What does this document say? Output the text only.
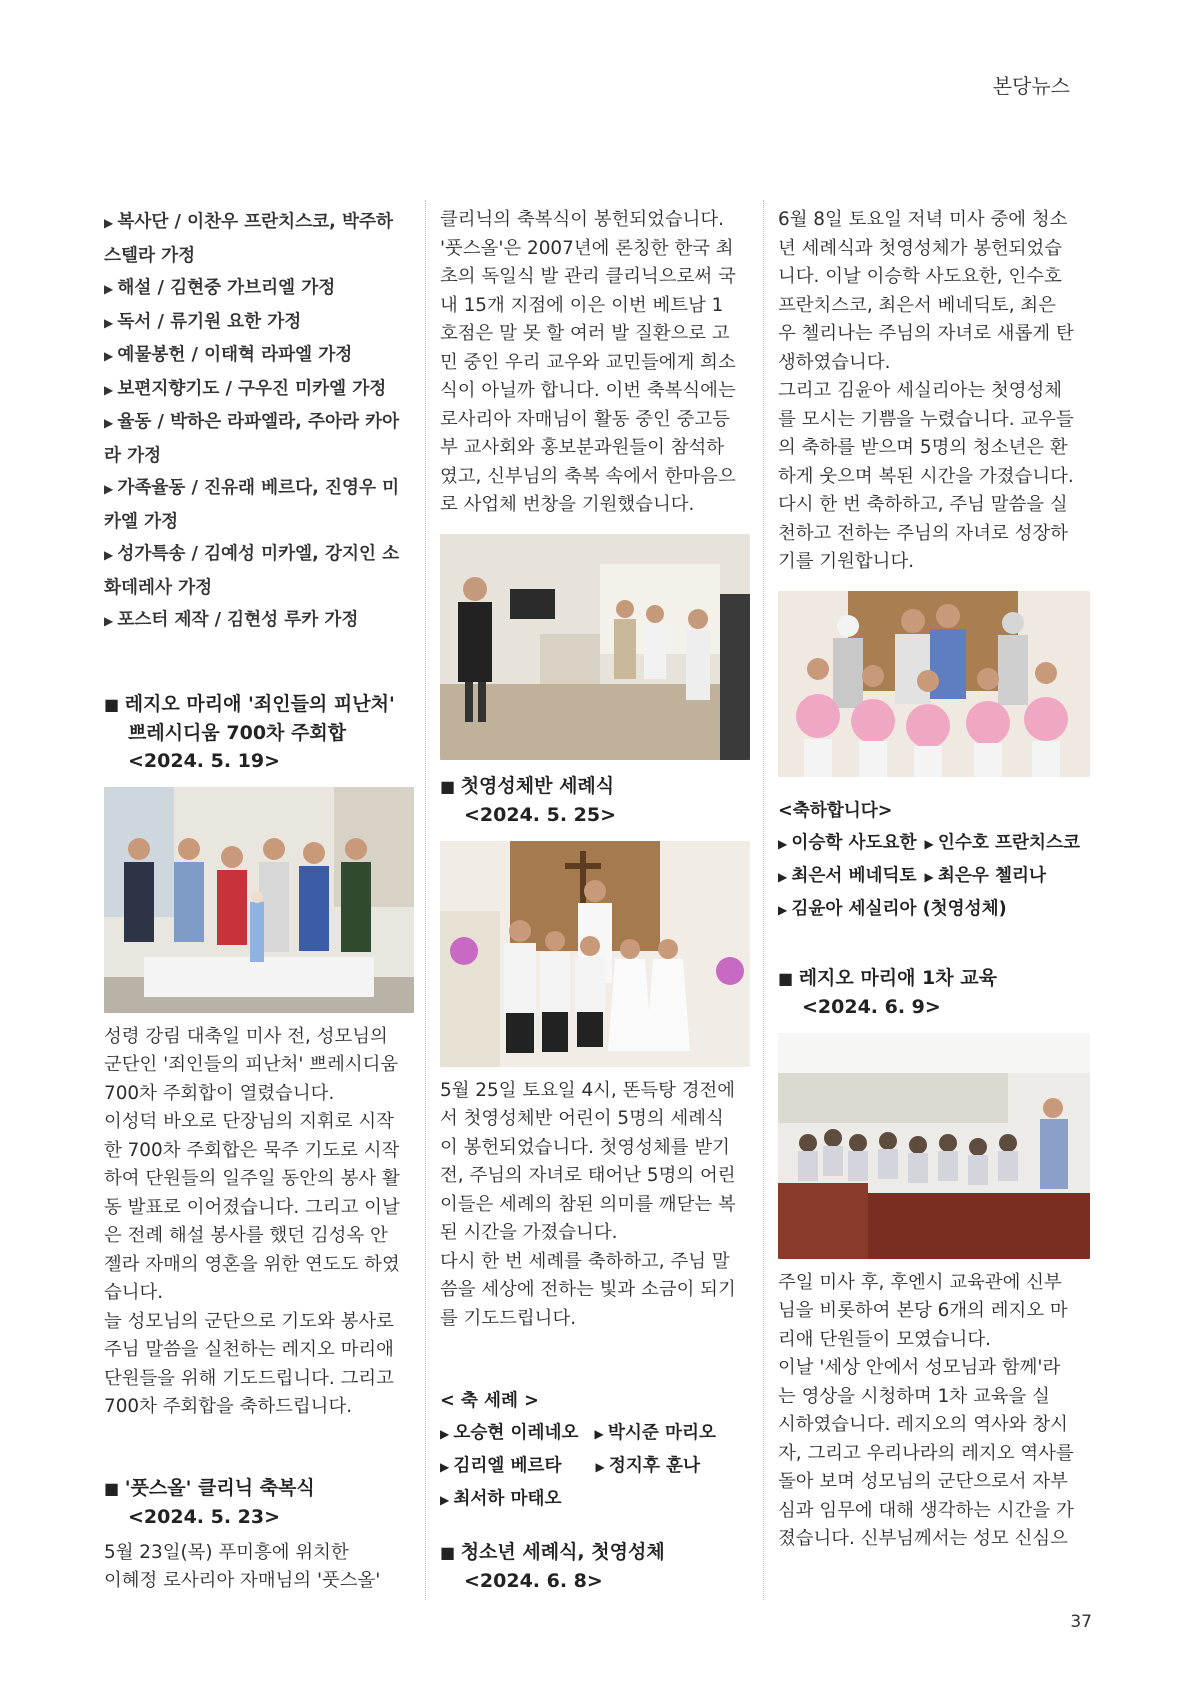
본당뉴스

▶ 복사단 / 이찬우 프란치스코, 박주하

스텔라 가정

▶ 해설 / 김현중 가브리엘 가정

▶ 독서 / 류기원 요한 가정

▶ 예물봉헌 / 이태혁 라파엘 가정

▶ 보편지향기도 / 구우진 미카엘 가정

▶ 율동 / 박하은 라파엘라, 주아라 카아

라 가정

▶ 가족율동 / 진유래 베르다, 진영우 미

카엘 가정

▶ 성가특송 / 김예성 미카엘, 강지인 소

화데레사 가정

▶ 포스터 제작 / 김현성 루카 가정

■ 레지오 마리애 '죄인들의 피난처'

쁘레시디움 700차 주회합

<2024. 5. 19>

성령 강림 대축일 미사 전, 성모님의

군단인 '죄인들의 피난처' 쁘레시디움

700차 주회합이 열렸습니다.

이성덕 바오로 단장님의 지휘로 시작

한 700차 주회합은 묵주 기도로 시작

하여 단원들의 일주일 동안의 봉사 활

동 발표로 이어졌습니다. 그리고 이날

은 전례 해설 봉사를 했던 김성옥 안

젤라 자매의 영혼을 위한 연도도 하였

습니다.

늘 성모님의 군단으로 기도와 봉사로

주님 말씀을 실천하는 레지오 마리애

단원들을 위해 기도드립니다. 그리고

700차 주회합을 축하드립니다.

■ '풋스올' 클리닉 축복식

<2024. 5. 23>

5월 23일(목) 푸미흥에 위치한

이혜정 로사리아 자매님의 '풋스올'

클리닉의 축복식이 봉헌되었습니다.

'풋스올'은 2007년에 론칭한 한국 최

초의 독일식 발 관리 클리닉으로써 국

내 15개 지점에 이은 이번 베트남 1

호점은 말 못 할 여러 발 질환으로 고

민 중인 우리 교우와 교민들에게 희소

식이 아닐까 합니다. 이번 축복식에는

로사리아 자매님이 활동 중인 중고등

부 교사회와 홍보분과원들이 참석하

였고, 신부님의 축복 속에서 한마음으

로 사업체 번창을 기원했습니다.

■ 첫영성체반 세례식

<2024. 5. 25>

5월 25일 토요일 4시, 똔득탕 경전에

서 첫영성체반 어린이 5명의 세례식

이 봉헌되었습니다. 첫영성체를 받기

전, 주님의 자녀로 태어난 5명의 어린

이들은 세례의 참된 의미를 깨닫는 복

된 시간을 가졌습니다.

다시 한 번 세례를 축하하고, 주님 말

씀을 세상에 전하는 빛과 소금이 되기

를 기도드립니다.

< 축 세례 >

▶ 오승현 이레네오 ▶ 박시준 마리오

▶ 김리엘 베르타	▶ 정지후 훈나

▶ 최서하 마태오

■ 청소년 세례식, 첫영성체

<2024. 6. 8>

6월 8일 토요일 저녁 미사 중에 청소

년 세례식과 첫영성체가 봉헌되었습

니다. 이날 이승학 사도요한, 인수호

프란치스코, 최은서 베네딕토, 최은

우 첼리나는 주님의 자녀로 새롭게 탄

생하였습니다.

그리고 김윤아 세실리아는 첫영성체

를 모시는 기쁨을 누렸습니다. 교우들

의 축하를 받으며 5명의 청소년은 환

하게 웃으며 복된 시간을 가졌습니다.

다시 한 번 축하하고, 주님 말씀을 실

천하고 전하는 주님의 자녀로 성장하

기를 기원합니다.

<축하합니다>

▶ 이승학 사도요한 ▶ 인수호 프란치스코

▶ 최은서 베네딕토 ▶ 최은우 첼리나

▶ 김윤아 세실리아 (첫영성체)

■ 레지오 마리애 1차 교육

<2024. 6. 9>

주일 미사 후, 후엔시 교육관에 신부

님을 비롯하여 본당 6개의 레지오 마

리애 단원들이 모였습니다.

이날 '세상 안에서 성모님과 함께'라

는 영상을 시청하며 1차 교육을 실

시하였습니다. 레지오의 역사와 창시

자, 그리고 우리나라의 레지오 역사를

돌아 보며 성모님의 군단으로서 자부

심과 임무에 대해 생각하는 시간을 가

졌습니다. 신부님께서는 성모 신심으

37
